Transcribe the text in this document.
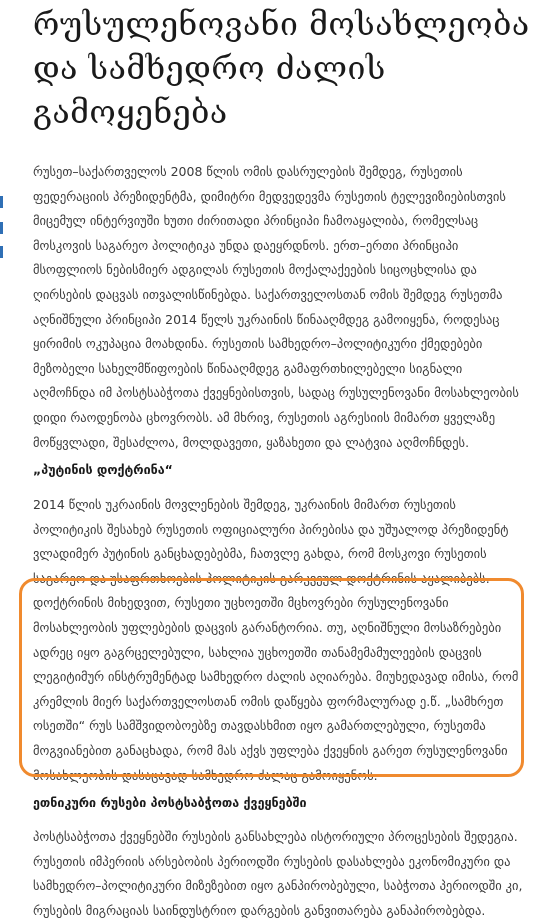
რუსულენოვანი მოსახლეობა და სამხედრო ძალის გამოყენება

რუსეთ–საქართველოს 2008 წლის ომის დასრულების შემდეგ, რუსეთის ფედერაციის პრეზიდენტმა, დიმიტრი მედვედევმა რუსეთის ტელევიზიებისთვის მიცემულ ინტერვიუში ხუთი ძირითადი პრინციპი ჩამოაყალიბა, რომელსაც მოსკოვის საგარეო პოლიტიკა უნდა დაეყრდნოს. ერთ–ერთი პრინციპი მსოფლიოს ნებისმიერ ადგილას რუსეთის მოქალაქეების სიცოცხლისა და ღირსების დაცვას ითვალისწინებდა. საქართველოსთან ომის შემდეგ რუსეთმა აღნიშნული პრინციპი 2014 წელს უკრაინის წინააღმდეგ გამოიყენა, როდესაც ყირიმის ოკუპაცია მოახდინა. რუსეთის სამხედრო–პოლიტიკური ქმედებები მეზობელი სახელმწიფოების წინააღმდეგ გამაფრთხილებელი სიგნალი აღმოჩნდა იმ პოსტსაბჭოთა ქვეყნებისთვის, სადაც რუსულენოვანი მოსახლეობის დიდი რაოდენობა ცხოვრობს. ამ მხრივ, რუსეთის აგრესიის მიმართ ყველაზე მოწყვლადი, შესაძლოა, მოლდავეთი, ყაზახეთი და ლატვია აღმოჩნდეს.

„პუტინის დოქტრინა“

2014 წლის უკრაინის მოვლენების შემდეგ, უკრაინის მიმართ რუსეთის პოლიტიკის შესახებ რუსეთის ოფიციალური პირებისა და უშუალოდ პრეზიდენტ ვლადიმერ პუტინის განცხადებებმა, ჩათვლე გახდა, რომ მოსკოვი რუსეთის საგარეო და უსაფრთხოების პოლიტიკის გარკვეულ დოქტრინის აყალიბებს. დოქტრინის მიხედვით, რუსეთი უცხოეთში მცხოვრები რუსულენოვანი მოსახლეობის უფლებების დაცვის გარანტორია. თუ, აღნიშნული მოსაზრებები ადრეც იყო გაგრცელებული, სახლია უცხოეთში თანამემამულეების დაცვის ლეგიტიმურ ინსტრუმენტად სამხედრო ძალის აღიარება. მიუხედავად იმისა, რომ კრემლის მიერ საქართველოსთან ომის დაწყება ფორმალურად ე.წ. „სამხრეთ ოსეთში“ რუს სამშვიდობოებზე თავდასხმით იყო გამართლებული, რუსეთმა მოგვიანებით განაცხადა, რომ მას აქვს უფლება ქვეყნის გარეთ რუსულენოვანი მოსახლეობის დასაცავად სამხედრო ძალაც გამოიყენოს.

ეთნიკური რუსები პოსტსაბჭოთა ქვეყნებში

პოსტსაბჭოთა ქვეყნებში რუსების განსახლება ისტორიული პროცესების შედეგია. რუსეთის იმპერიის არსებობის პერიოდში რუსების დასახლება ეკონომიკური და სამხედრო–პოლიტიკური მიზეზებით იყო განპირობებული, საბჭოთა პერიოდში კი, რუსების მიგრაციას საინდუსტრიო დარგების განვითარება განაპირობებდა.
